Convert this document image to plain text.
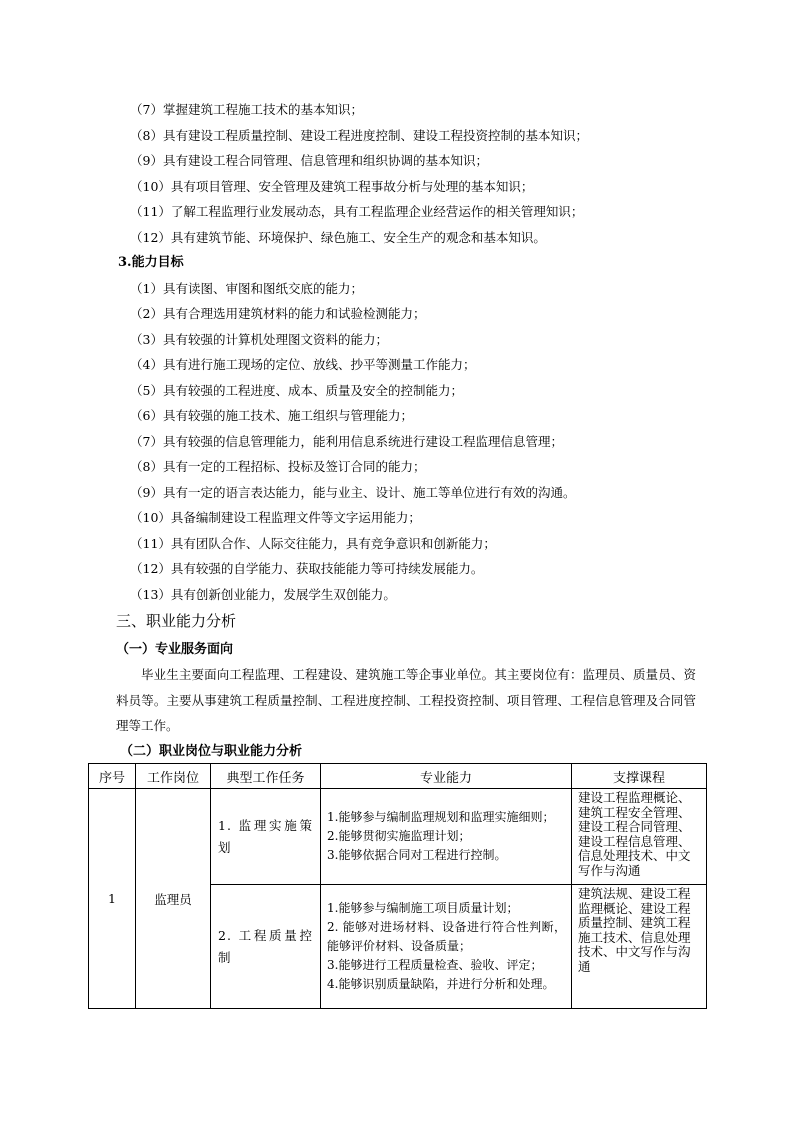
（7）掌握建筑工程施工技术的基本知识；
（8）具有建设工程质量控制、建设工程进度控制、建设工程投资控制的基本知识；
（9）具有建设工程合同管理、信息管理和组织协调的基本知识；
（10）具有项目管理、安全管理及建筑工程事故分析与处理的基本知识；
（11）了解工程监理行业发展动态，具有工程监理企业经营运作的相关管理知识；
（12）具有建筑节能、环境保护、绿色施工、安全生产的观念和基本知识。
3.能力目标
（1）具有读图、审图和图纸交底的能力；
（2）具有合理选用建筑材料的能力和试验检测能力；
（3）具有较强的计算机处理图文资料的能力；
（4）具有进行施工现场的定位、放线、抄平等测量工作能力；
（5）具有较强的工程进度、成本、质量及安全的控制能力；
（6）具有较强的施工技术、施工组织与管理能力；
（7）具有较强的信息管理能力，能利用信息系统进行建设工程监理信息管理；
（8）具有一定的工程招标、投标及签订合同的能力；
（9）具有一定的语言表达能力，能与业主、设计、施工等单位进行有效的沟通。
（10）具备编制建设工程监理文件等文字运用能力；
（11）具有团队合作、人际交往能力，具有竞争意识和创新能力；
（12）具有较强的自学能力、获取技能能力等可持续发展能力。
（13）具有创新创业能力，发展学生双创能力。
三、职业能力分析
（一）专业服务面向
毕业生主要面向工程监理、工程建设、建筑施工等企事业单位。其主要岗位有：监理员、质量员、资料员等。主要从事建筑工程质量控制、工程进度控制、工程投资控制、项目管理、工程信息管理及合同管理等工作。
（二）职业岗位与职业能力分析
序号	工作岗位	典型工作任务	专业能力	支撑课程
1	监理员	1. 监理实施策划	1.能够参与编制监理规划和监理实施细则；
2.能够贯彻实施监理计划；
3.能够依据合同对工程进行控制。	建设工程监理概论、建筑工程安全管理、建设工程合同管理、建设工程信息管理、信息处理技术、中文写作与沟通
		2. 工程质量控制	1.能够参与编制施工项目质量计划；
2. 能够对进场材料、设备进行符合性判断，能够评价材料、设备质量；
3.能够进行工程质量检查、验收、评定；
4.能够识别质量缺陷，并进行分析和处理。	建筑法规、建设工程监理概论、建设工程质量控制、建筑工程施工技术、信息处理技术、中文写作与沟通
